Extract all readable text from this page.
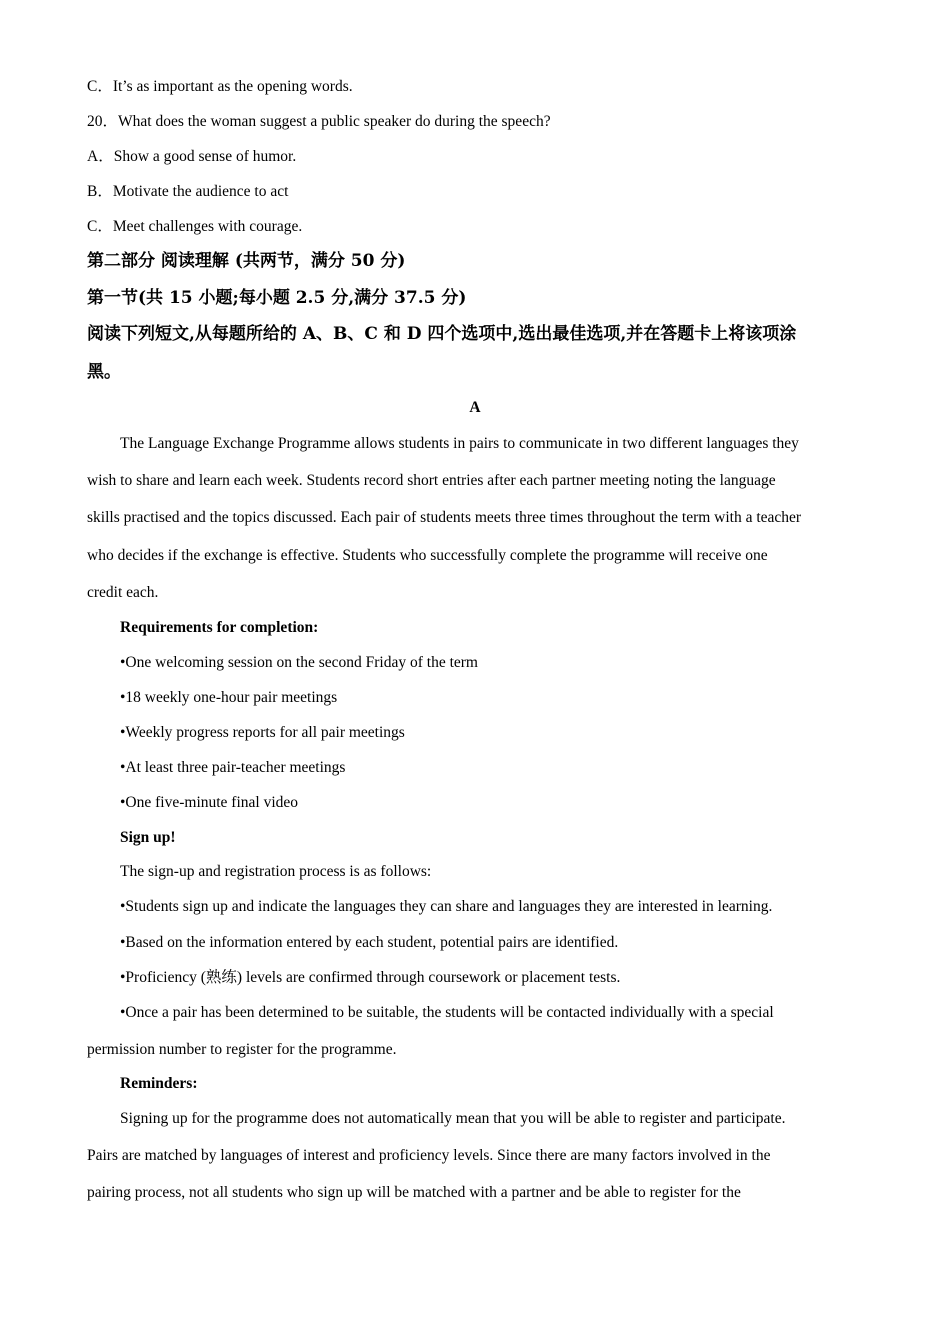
C．It’s as important as the opening words.
20．What does the woman suggest a public speaker do during the speech?
A．Show a good sense of humor.
B．Motivate the audience to act
C．Meet challenges with courage.
第二部分 阅读理解 (共两节，满分 50 分)
第一节(共 15 小题;每小题 2.5 分,满分 37.5 分)
阅读下列短文,从每题所给的 A、B、C 和 D 四个选项中,选出最佳选项,并在答题卡上将该项涂
黑。
A
The Language Exchange Programme allows students in pairs to communicate in two different languages they
wish to share and learn each week. Students record short entries after each partner meeting noting the language
skills practised and the topics discussed. Each pair of students meets three times throughout the term with a teacher
who decides if the exchange is effective. Students who successfully complete the programme will receive one
credit each.
Requirements for completion:
•One welcoming session on the second Friday of the term
•18 weekly one-hour pair meetings
•Weekly progress reports for all pair meetings
•At least three pair-teacher meetings
•One five-minute final video
Sign up!
The sign-up and registration process is as follows:
•Students sign up and indicate the languages they can share and languages they are interested in learning.
•Based on the information entered by each student, potential pairs are identified.
•Proficiency (熟练) levels are confirmed through coursework or placement tests.
•Once a pair has been determined to be suitable, the students will be contacted individually with a special
permission number to register for the programme.
Reminders:
Signing up for the programme does not automatically mean that you will be able to register and participate.
Pairs are matched by languages of interest and proficiency levels. Since there are many factors involved in the
pairing process, not all students who sign up will be matched with a partner and be able to register for the
